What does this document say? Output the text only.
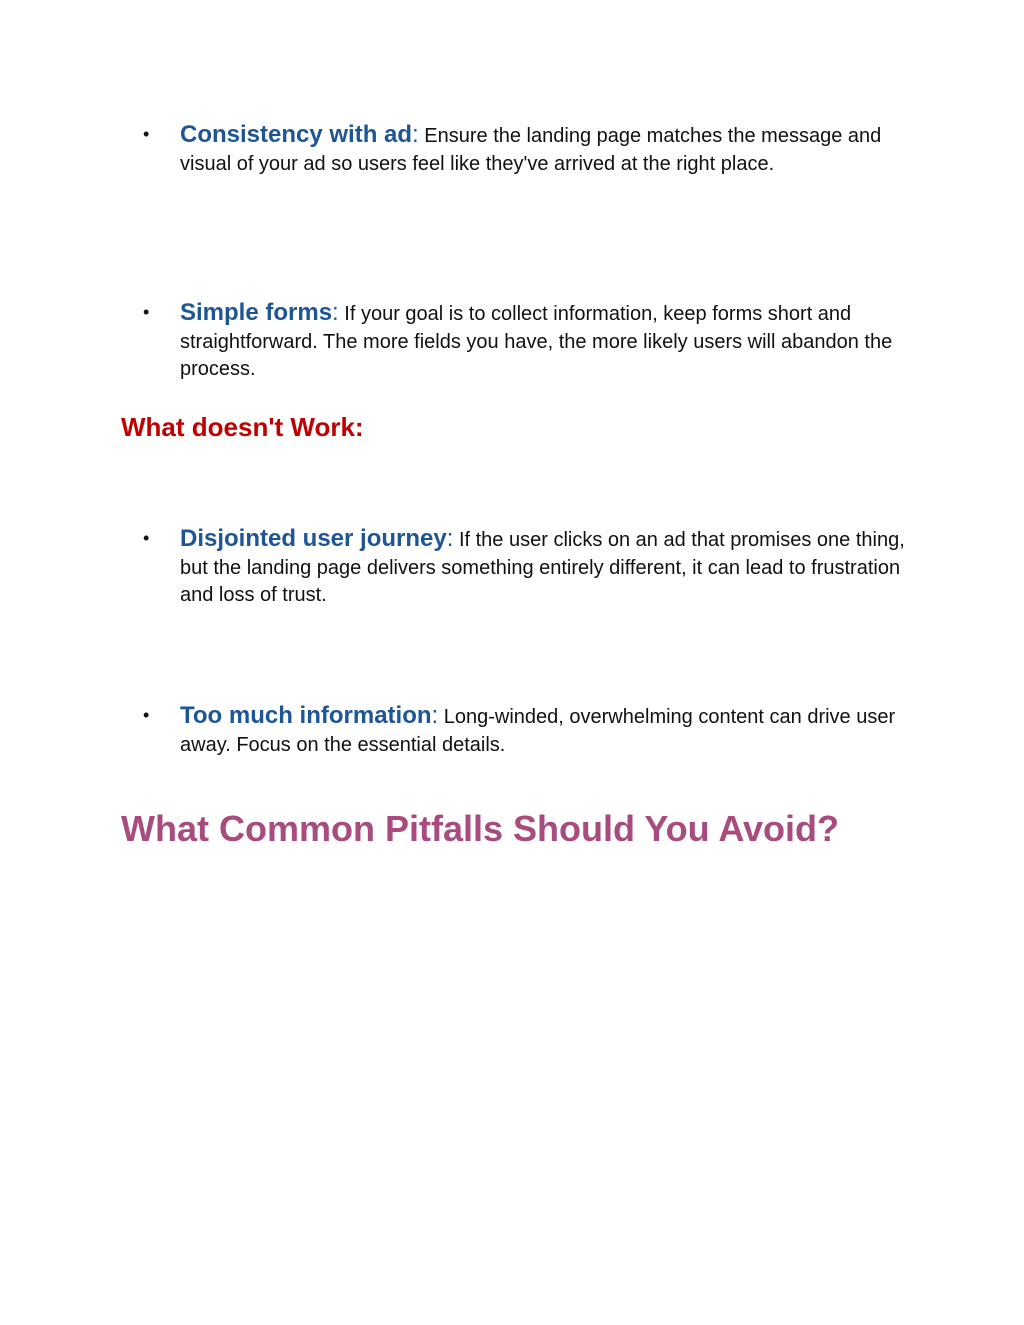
• Consistency with ad: Ensure the landing page matches the message and visual of your ad so users feel like they've arrived at the right place.
• Simple forms: If your goal is to collect information, keep forms short and straightforward. The more fields you have, the more likely users will abandon the process.
What doesn't Work:
• Disjointed user journey: If the user clicks on an ad that promises one thing, but the landing page delivers something entirely different, it can lead to frustration and loss of trust.
• Too much information: Long-winded, overwhelming content can drive user away. Focus on the essential details.
What Common Pitfalls Should You Avoid?
